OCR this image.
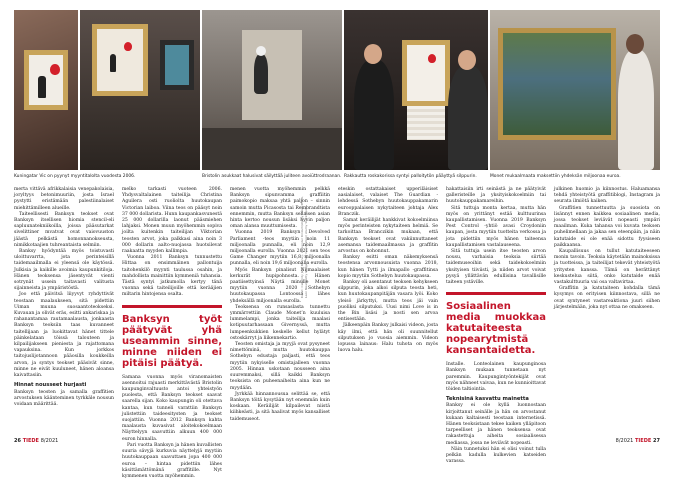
Kuningatar Vic on pyynyt myyntitalolta vuodesta 2006.	Bristolin asukkaat halusivat säilyttää juliteen avoiüttrodraanan. Rakkautta roskakorissa syntyi palloitytön pääyttyä silppurin.	Monet mukaalmaata maksettiin yhdeksän miljoonaa euroa.

merta vittävä afrikkalaisia venepakolaisia, joryltyys betonimuuriin, josta Israel pystytti eristämään palestiinalaiset miehittämilleen alueille.

Taiteellisesti Banksyn teokset ovat Banksyn itsellisen hiomia stencil-eli sapluunatekniikoilla, joissa pääsutarkat sivelittiner mvatvat ovat vaiovuuston jäästä pelkästä homonnanokseusta, nimikkotaajien tuhreantaista selmiin.

Banksy hyödyntää myös toistuvasti uloittuvarrta, jota perinteisillä taidemaailmalla ei yleensä ole käytössä. Julkisia ja kaikille avoimia kaupunkitiloja. Hänen teoksensa jäsentyvät vienti sotrynät ussein taitavasti valitusta sijainneista ja ympäristöstä.

Joo että päivitsä liiyyvyt ryhdyttivät teostaan maalaukseen, sitä pidettiin Uiman muuna suosaantoteokseksi. Kuvauan ja olivät eräs, esitti ankariskaa ja rahanantamaa rautamaalausta, jonkaasta Banksyn teoksiin taas kuvanneet taitellijaan ja luokittavat hänet tittele päinkelataan töissä talouteen ja kilpailijakseen pieniesta ja rajattomana vapauksina. Kun jorkkos taitojuslijotannoon pääosilla koukkeilla arvon, ja syntys teokset pääsivät sinne, minne ne eivät kuuluneet, hänen aloansa kaivattasiin.

Hinnat nousseet hurjasti

Banksyn teosten ja samalla graffitien arvostuksen käänteminen tyrkkäle nousun voidaan määrittää.

melko tarkasti vuoteen 2006. Yhdysvaltalainen taiteilija Christina Aguilera osti ruoliolta huutokaupan Victorian laiboa. Viina teos on pääsyt noin 37 000 dollarista. Hunn kaupankasvunestä 25 000 dollarilla laonut pääsmiehen lahjaksi. Monen muun myöhemmin sopiva joilta kuitenkin taiteilijan Viktorian teosten arvot, joka palkkasi aina noin 3 000 dollarin aalto-nuojassa huotsilevat raakaatta myyden kallimpia.

Vuonna 2011 Banksyn tunnustettu Hittaa on ensimmäinen pallontuija taitohenkilö myynti taulussa osahin, ja mahdollista mainittiin kymmeniä tuhansia. Tästä syntyi jatkumolla kertyy tänä vuonna sekä taiteilijoille että kerääjien miltarin hintojensa osalta.

Banksyn työt päätyvät yhä useammin sinne, minne niiden ei pitäisi päätyä.

Samana vuonna myös viranomaisten asennoitui rajuasti merkittävästä Bristolin kaupunginvaltuusto antoi yhteistyön puolesta, että Banksyn teokset saavat saarella sijan. Koko kaupungin oli otettava kantaa, kun tunneli varattiin Banksyn julistettiin taideesitysten ja teokset suojattiin. Vuonna 2012 Banksyn kahta maalausta kuvasivat aloitekokoelmaan Näyttelyyn saavuttiin alkuun 400 000 euron hinnalla.

Pari vuotta Banksyn ja hänen kuvallisten suuria sävyjä kurkuvia näyttelyjä myytiin huutokauppaan saavuttaen jopa 400 000 euroa – hintaa pidettiin lähes käsittämättömänä graffitille. Nyt kymmenen vuotta myöhemmin.

menen vuotta myöhemmin pelkkä Banksyn sipunvamma graffiitin paimokopio maksaa yhtä paljon – sinnin samoin mutta Picasosta tai Rembrandtista ennemmin, mutta Banksyn sellaisen asian hinta kertoo nousun lisäksi hyvin paljon oman alansa muuttumisesta.

Vuonna 2019 Banksyn Devolved Parliament -teos myytiin noin 11 miljoonalla punnalla, eli noin 12,9 miljoonalla eurolla. Vuonna 2021 sen teos Game Changer myytiin 16,8 miljoonalla punnalla, eli noin 19,6 miljoonalla eurolla.

Myös Banksyn pinalisut Nijmaalaiset kerkurät hupipohnosta. Hänen paatiisettyinsä Näytä minulle Monet myytiin vuonna 2020 Sothebyn huutokaupassa Lontoossa lähes yhdeksällä miljoonalla eurolla.

Teoksensa on runsaslasta tunnettu ymmärrettiin Claude Monet’n kuuluisa lummelampi, jonka taiteilija maalasi kotipuutarhassaan Givernyssä, mutta lumpeenkukkien keskelle kellut hylätyt ostoskärryt ja liikennekartio.

Teosten omistaja ja myyjä ovat pysyneet nimettöminä, mutta huutokauppa Sothebyn edustaja paljasti, että teos myytiin nykyiselle omistajalleen vuonna 2005. Hinnan uskotaan nousseen aina suuremmaksi, sillä kaikki Banksyn teoksista on puheenaiheita aina kun ne myydään.

Jyrkkää hinnannousua selittää se, että Banksyn töitä kysytään nyt enemmän kuin koskaan. Keräilijät kilpailevat niistä kiihkeästi, ja sitä haalivat myös kansalliset taidemuseot.

eteskin ostattakaiset upperiläisiset aasialaiset, valaiset The Guardian -lehdessä Sothebyn huutokauppakamarin eurooppalaisen nykytaiteen johtaja Alex Branczik.

Samat keräilijät hankkivat kokoelmiinsa myös perinteisten nykytaiteen helmiä. Se tarkoittaa Branczikin mukaan, että Banksyn teokset ovat vakiinnuttaneet asemansa taidemaailmassa ja graffitin arvostus on kohonnut.

Banksy esitti oman näkemyksensä teostensa arvonnousuista vuonna 2018, kun hänen Tytti ja ilmapallo -graffitinsa kopio myytiin Sothebyn huutokaupassa.

Banksy oli asentanut teoksen kehykseen silppurin, joka alkoi silputa teosta heti, kun huutokaupanpitäjän vasara lyöi. Koko yleisö järkyttyi, mutta teos jäi vain puoliksi silputuksi. Uusi nimi Love is in the Bin lisäsi ja nosti sen arvoa entisestään.

Jälkeenpäin Banksy julkaisi videon, josta käy ilmi, että hän oli suunnitellut silputuksen jo vuosia aiemmin. Videon lopussa lainaus: Halu tuhota on myös luova halu.

hakattaisiin irti seinästä ja ne päätyivät galleristeille ja yksityiskokoelmiin tai huutokauppakamareihin.

Sitä tuttuja monta kertaa, mutta hän myös on yrittänyt estää kulttuurinsa kaupallistamisen. Vuonna 2019 Banksyn Pest Control -yhtiö avasi Croydoniin kaupan, josta myytiin tuotteita verkossa ja jota pidettiin myös hänen taiteensa kaupallistamisen vastalauseena.

Sitä tuttuja usein itse teosten arvon nousu, varhaisia teoksia siirtää taidemuseoihin sekä taidekokoelmiin yksityisen tiiviisti, ja niiden arvot voivat pysyä yllättävän edullisina tavallisille taiteen ystäville.

Sosiaalinen media muokkaa katutaiteesta nopearytmistä kansantaidetta.

Installe. Lonteolainen kaupunginosa Banksyn mukaan tunnetaan nyt paremmin. Kaupungintyöntekijät ovat myös nähneet vaivaa, kun ne kunnioittavat töiden taltiointia.

Teknisinä kasvattu mainetta

Banksy ei ole kyllä luonnostaan kirjoittanut seinälle ja hän on arvostanut kukaan kaltaisesti teostaan internetissä. Hänen teoksistaan tekee kaiken ylläpitoon tarpeelliset ja hänen teoksensa ovat rakastettuja aiheita sosiaalisessa mediassa, jossa ne leviävät nopeasti.

Näin tunnetuksi hän ei olisi voinut tulla pelkän kadulla kulkevien katseiden varassa.

julkinen huomio ja kiinnostus. Haluamansa tehdä yhteistyötä graffitiblogi, Instagram ja seurata ilmiötä kaiken.

Graffitien tunnettuutta ja suosiota on lisännyt ennen kaikkea sosiaalinen media, jossa teokset leviävät nopeasti ympäri maailman. Kuka tahansa voi kuvata teoksen puhelimellaan ja jakaa sen eteenpäin, ja näin katutaide ei ole enää sidottu fyysiseen paikkaansa.

Kaupallisuus on tullut katutaiteeseen monin tavoin. Teoksia käytetään mainoksissa ja tuotteissa, ja taiteilijat tekevät yhteistyötä yritysten kanssa. Tämä on herättänyt keskustelua siitä, onko katutaide enää vastakulttuuria vai osa valtavirtaa.

Graffitin ja katutaiteen kohdalla tämä kysymys on erityisen kiinnostava, sillä ne ovat syntyneet vastareaktiona juuri siihen järjestelmään, joka nyt ottaa ne omakseen.

Kuvat: Calamity Jake Rooney, Alexander Kinloch/Alamy Stock Photo, Leon Neal/Getty Images, Sky Corporation/ Alamy Stock Photo
26 TIEDE 8/2021	8/2021 TIEDE 27
